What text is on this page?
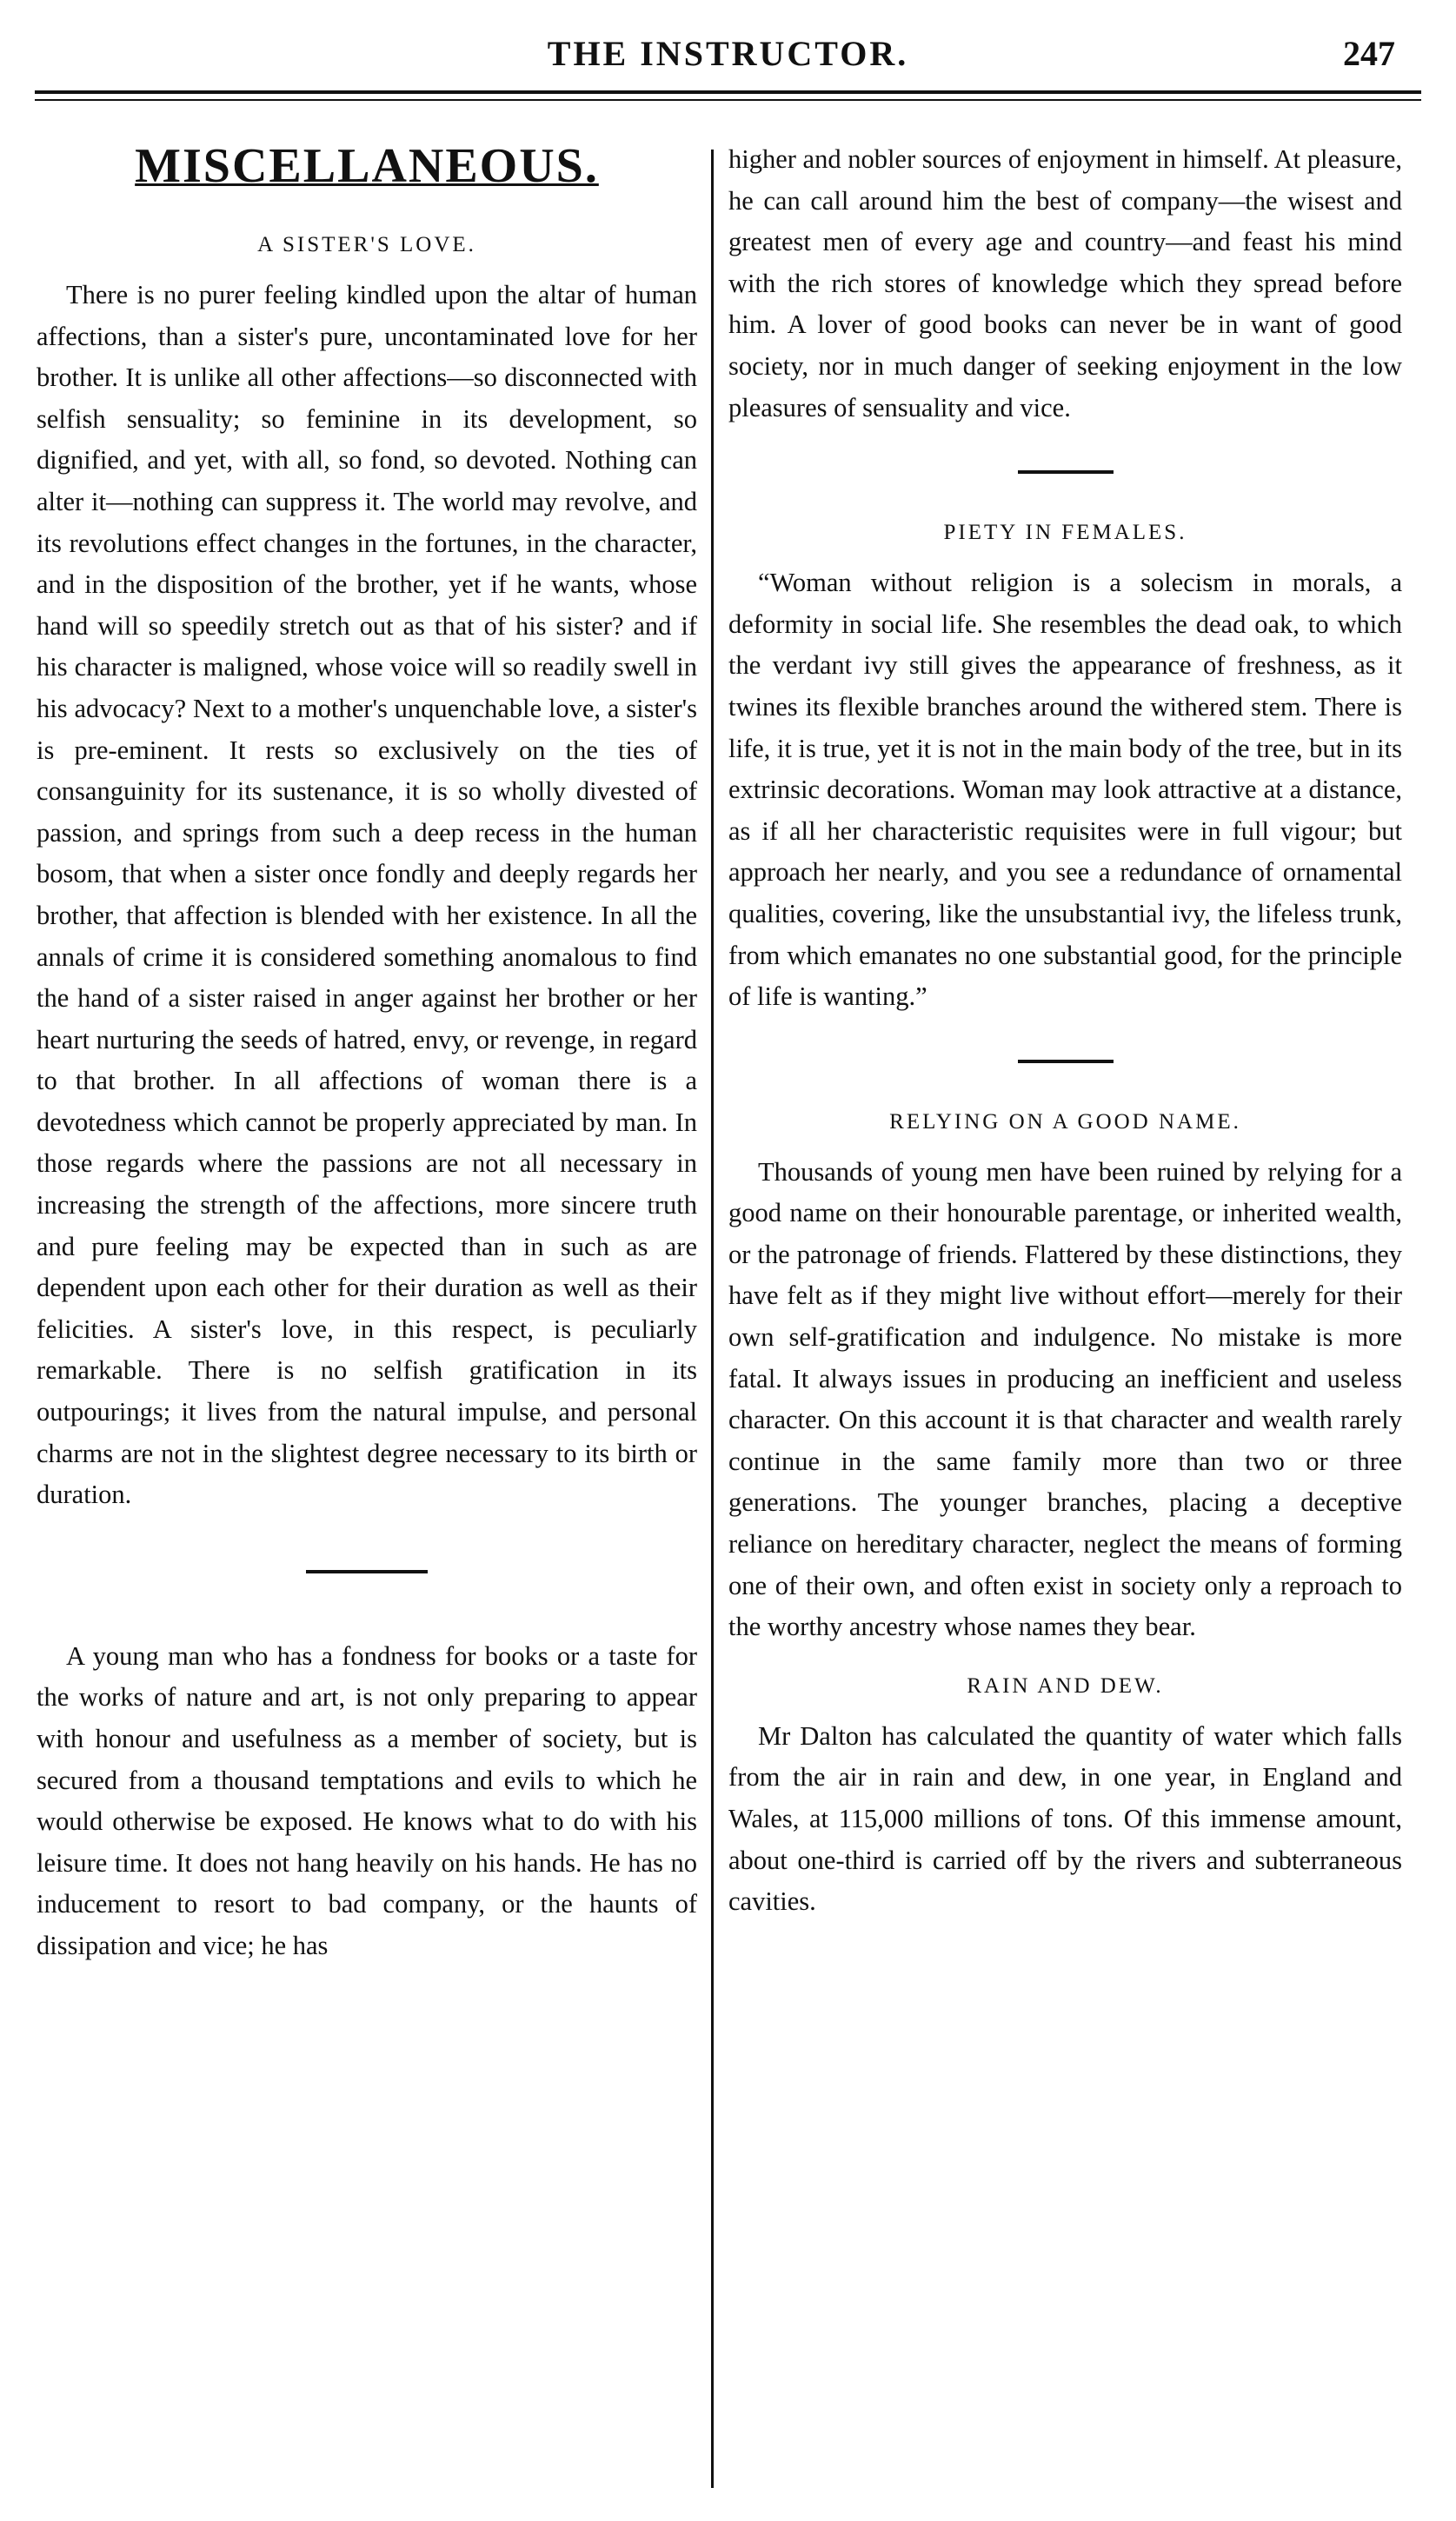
THE INSTRUCTOR.	247
MISCELLANEOUS.
A SISTER'S LOVE.

There is no purer feeling kindled upon the altar of human affections, than a sister's pure, uncontaminated love for her brother. It is unlike all other affections—so disconnected with selfish sensuality; so feminine in its development, so dignified, and yet, with all, so fond, so devoted. Nothing can alter it—nothing can suppress it. The world may revolve, and its revolutions effect changes in the fortunes, in the character, and in the disposition of the brother, yet if he wants, whose hand will so speedily stretch out as that of his sister? and if his character is maligned, whose voice will so readily swell in his advocacy? Next to a mother's unquenchable love, a sister's is pre-eminent. It rests so exclusively on the ties of consanguinity for its sustenance, it is so wholly divested of passion, and springs from such a deep recess in the human bosom, that when a sister once fondly and deeply regards her brother, that affection is blended with her existence. In all the annals of crime it is considered something anomalous to find the hand of a sister raised in anger against her brother or her heart nurturing the seeds of hatred, envy, or revenge, in regard to that brother. In all affections of woman there is a devotedness which cannot be properly appreciated by man. In those regards where the passions are not all necessary in increasing the strength of the affections, more sincere truth and pure feeling may be expected than in such as are dependent upon each other for their duration as well as their felicities. A sister's love, in this respect, is peculiarly remarkable. There is no selfish gratification in its outpourings; it lives from the natural impulse, and personal charms are not in the slightest degree necessary to its birth or duration.

A young man who has a fondness for books or a taste for the works of nature and art, is not only preparing to appear with honour and usefulness as a member of society, but is secured from a thousand temptations and evils to which he would otherwise be exposed. He knows what to do with his leisure time. It does not hang heavily on his hands. He has no inducement to resort to bad company, or the haunts of dissipation and vice; he has

higher and nobler sources of enjoyment in himself. At pleasure, he can call around him the best of company—the wisest and greatest men of every age and country—and feast his mind with the rich stores of knowledge which they spread before him. A lover of good books can never be in want of good society, nor in much danger of seeking enjoyment in the low pleasures of sensuality and vice.

PIETY IN FEMALES.

“Woman without religion is a solecism in morals, a deformity in social life. She resembles the dead oak, to which the verdant ivy still gives the appearance of freshness, as it twines its flexible branches around the withered stem. There is life, it is true, yet it is not in the main body of the tree, but in its extrinsic decorations. Woman may look attractive at a distance, as if all her characteristic requisites were in full vigour; but approach her nearly, and you see a redundance of ornamental qualities, covering, like the unsubstantial ivy, the lifeless trunk, from which emanates no one substantial good, for the principle of life is wanting.”

RELYING ON A GOOD NAME.

Thousands of young men have been ruined by relying for a good name on their honourable parentage, or inherited wealth, or the patronage of friends. Flattered by these distinctions, they have felt as if they might live without effort—merely for their own self-gratification and indulgence. No mistake is more fatal. It always issues in producing an inefficient and useless character. On this account it is that character and wealth rarely continue in the same family more than two or three generations. The younger branches, placing a deceptive reliance on hereditary character, neglect the means of forming one of their own, and often exist in society only a reproach to the worthy ancestry whose names they bear.

RAIN AND DEW.

Mr Dalton has calculated the quantity of water which falls from the air in rain and dew, in one year, in England and Wales, at 115,000 millions of tons. Of this immense amount, about one-third is carried off by the rivers and subterraneous cavities.
